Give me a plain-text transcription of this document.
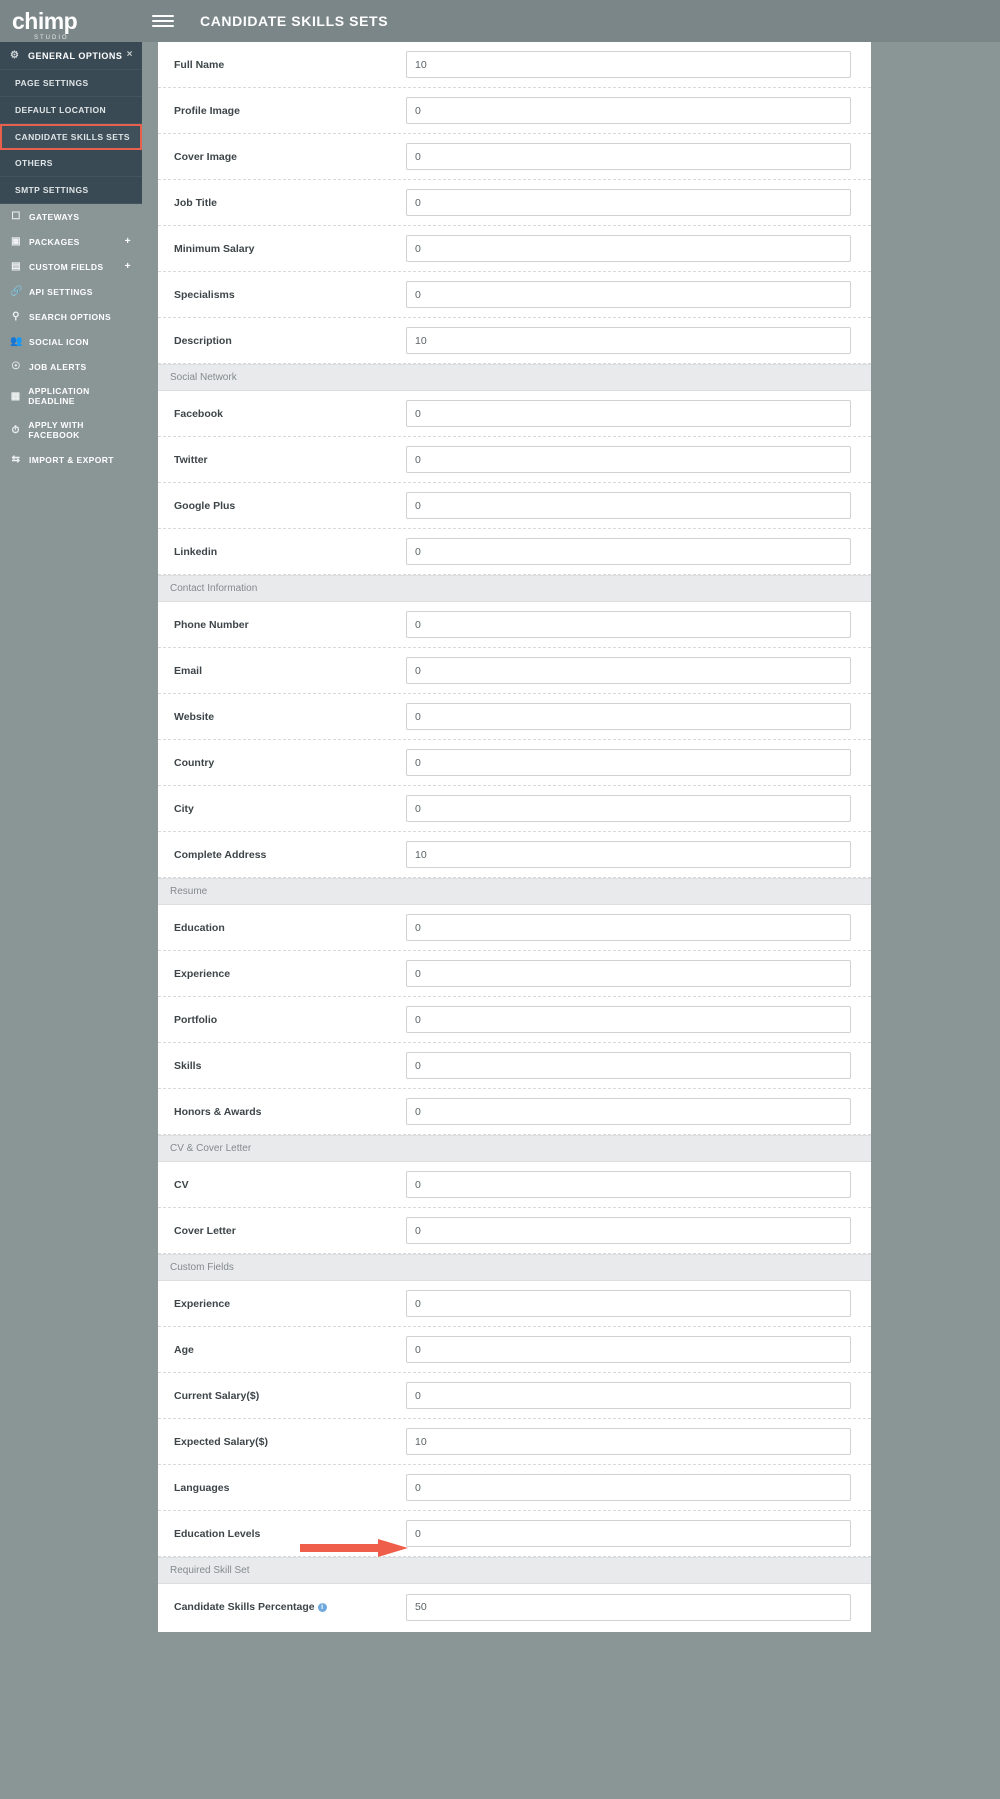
chimp
STUDIO
CANDIDATE SKILLS SETS
⚙ GENERAL OPTIONS ×
PAGE SETTINGS
DEFAULT LOCATION
CANDIDATE SKILLS SETS
OTHERS
SMTP SETTINGS
☐ GATEWAYS
▣ PACKAGES	+
▤ CUSTOM FIELDS +
🔗 API SETTINGS
⚲ SEARCH OPTIONS
👥 SOCIAL ICON
☉ JOB ALERTS
▦ APPLICATION DEADLINE
⏱ APPLY WITH FACEBOOK
⇆ IMPORT & EXPORT
Full Name
10
Profile Image
0
Cover Image
0
Job Title
0
Minimum Salary
0
Specialisms
0
Description
10
Social Network
Facebook
0
Twitter
0
Google Plus
0
Linkedin
0
Contact Information
Phone Number
0
Email
0
Website
0
Country
0
City
0
Complete Address
10
Resume
Education
0
Experience
0
Portfolio
0
Skills
0
Honors & Awards
0
CV & Cover Letter
CV
0
Cover Letter
0
Custom Fields
Experience
0
Age
0
Current Salary($)
0
Expected Salary($)
10
Languages
0
Education Levels
0
Required Skill Set
Candidate Skills Percentage i
50
